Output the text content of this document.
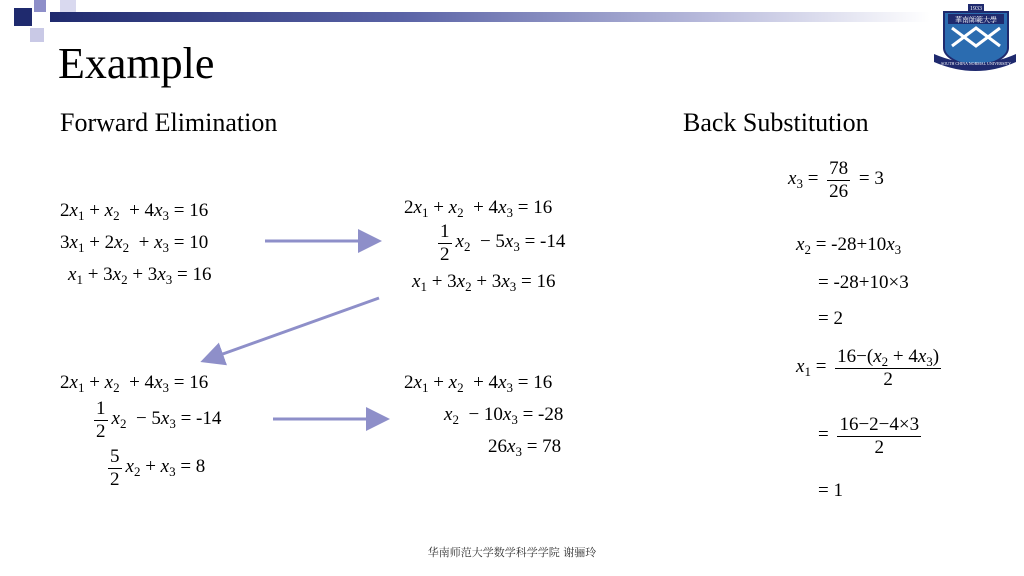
1933
華南師範大學
SOUTH CHINA NORMAL UNIVERSITY
Example
Forward Elimination	Back Substitution
$2x_1 + x_2 + 4x_3 = 16$
$3x_1 + 2x_2 + x_3 = 10$
$x_1 + 3x_2 + 3x_3 = 16$
$2x_1 + x_2 + 4x_3 = 16$
$\frac{1}{2} x_2 - 5x_3 = -14$
$x_1 + 3x_2 + 3x_3 = 16$
$2x_1 + x_2 + 4x_3 = 16$
$\frac{1}{2} x_2 - 5x_3 = -14$
$\frac{5}{2} x_2 + x_3 = 8$
$2x_1 + x_2 + 4x_3 = 16$
$x_2 - 10x_3 = -28$
$26x_3 = 78$
$x_3 = \frac{78}{26} = 3$
$x_2 = -28+10x_3$
= -28+10×3
= 2
$x_1 = \frac{16-(x_2 + 4x_3)}{2}$
= $\frac{16-2-4\times 3}{2}$
= 1
华南师范大学数学科学学院 谢骊玲
